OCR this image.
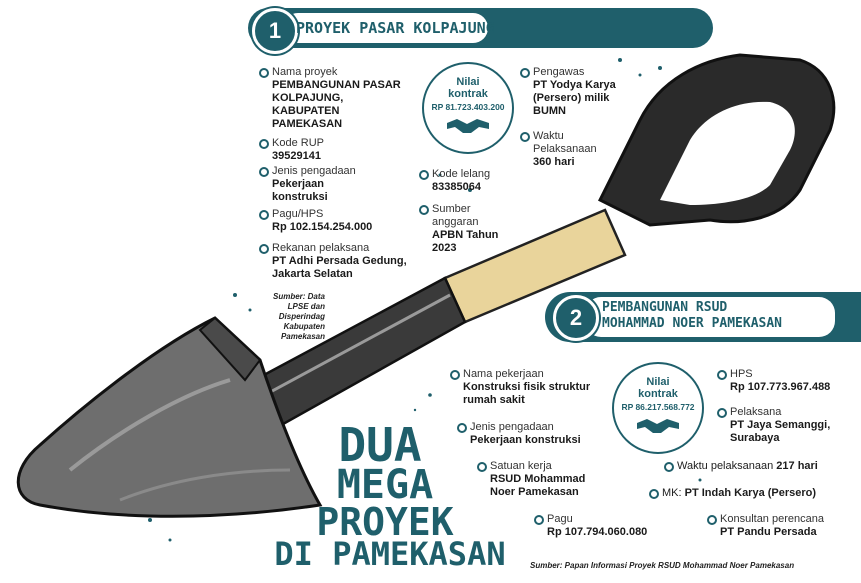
1 PROYEK PASAR KOLPAJUNG
Nama proyek
PEMBANGUNAN PASAR KOLPAJUNG, KABUPATEN PAMEKASAN
Kode RUP
39529141
Jenis pengadaan
Pekerjaan konstruksi
Pagu/HPS
Rp 102.154.254.000
Rekanan pelaksana
PT Adhi Persada Gedung, Jakarta Selatan
Nilai kontrak
RP 81.723.403.200
Kode lelang
83385064
Sumber anggaran
APBN Tahun 2023
Pengawas
PT Yodya Karya (Persero) milik BUMN
Waktu Pelaksanaan
360 hari
Sumber: Data LPSE dan Disperindag Kabupaten Pamekasan
2	PEMBANGUNAN RSUD
MOHAMMAD NOER PAMEKASAN
Nama pekerjaan
Konstruksi fisik struktur rumah sakit
Jenis pengadaan
Pekerjaan konstruksi
Satuan kerja
RSUD Mohammad Noer Pamekasan
Pagu
Rp 107.794.060.080
Nilai kontrak
RP 86.217.568.772
HPS
Rp 107.773.967.488
Pelaksana
PT Jaya Semanggi, Surabaya
Waktu pelaksanaan 217 hari
MK: PT Indah Karya (Persero)
Konsultan perencana
PT Pandu Persada
DUA
MEGA
PROYEK
DI PAMEKASAN	Sumber: Papan Informasi Proyek RSUD Mohammad Noer Pamekasan
